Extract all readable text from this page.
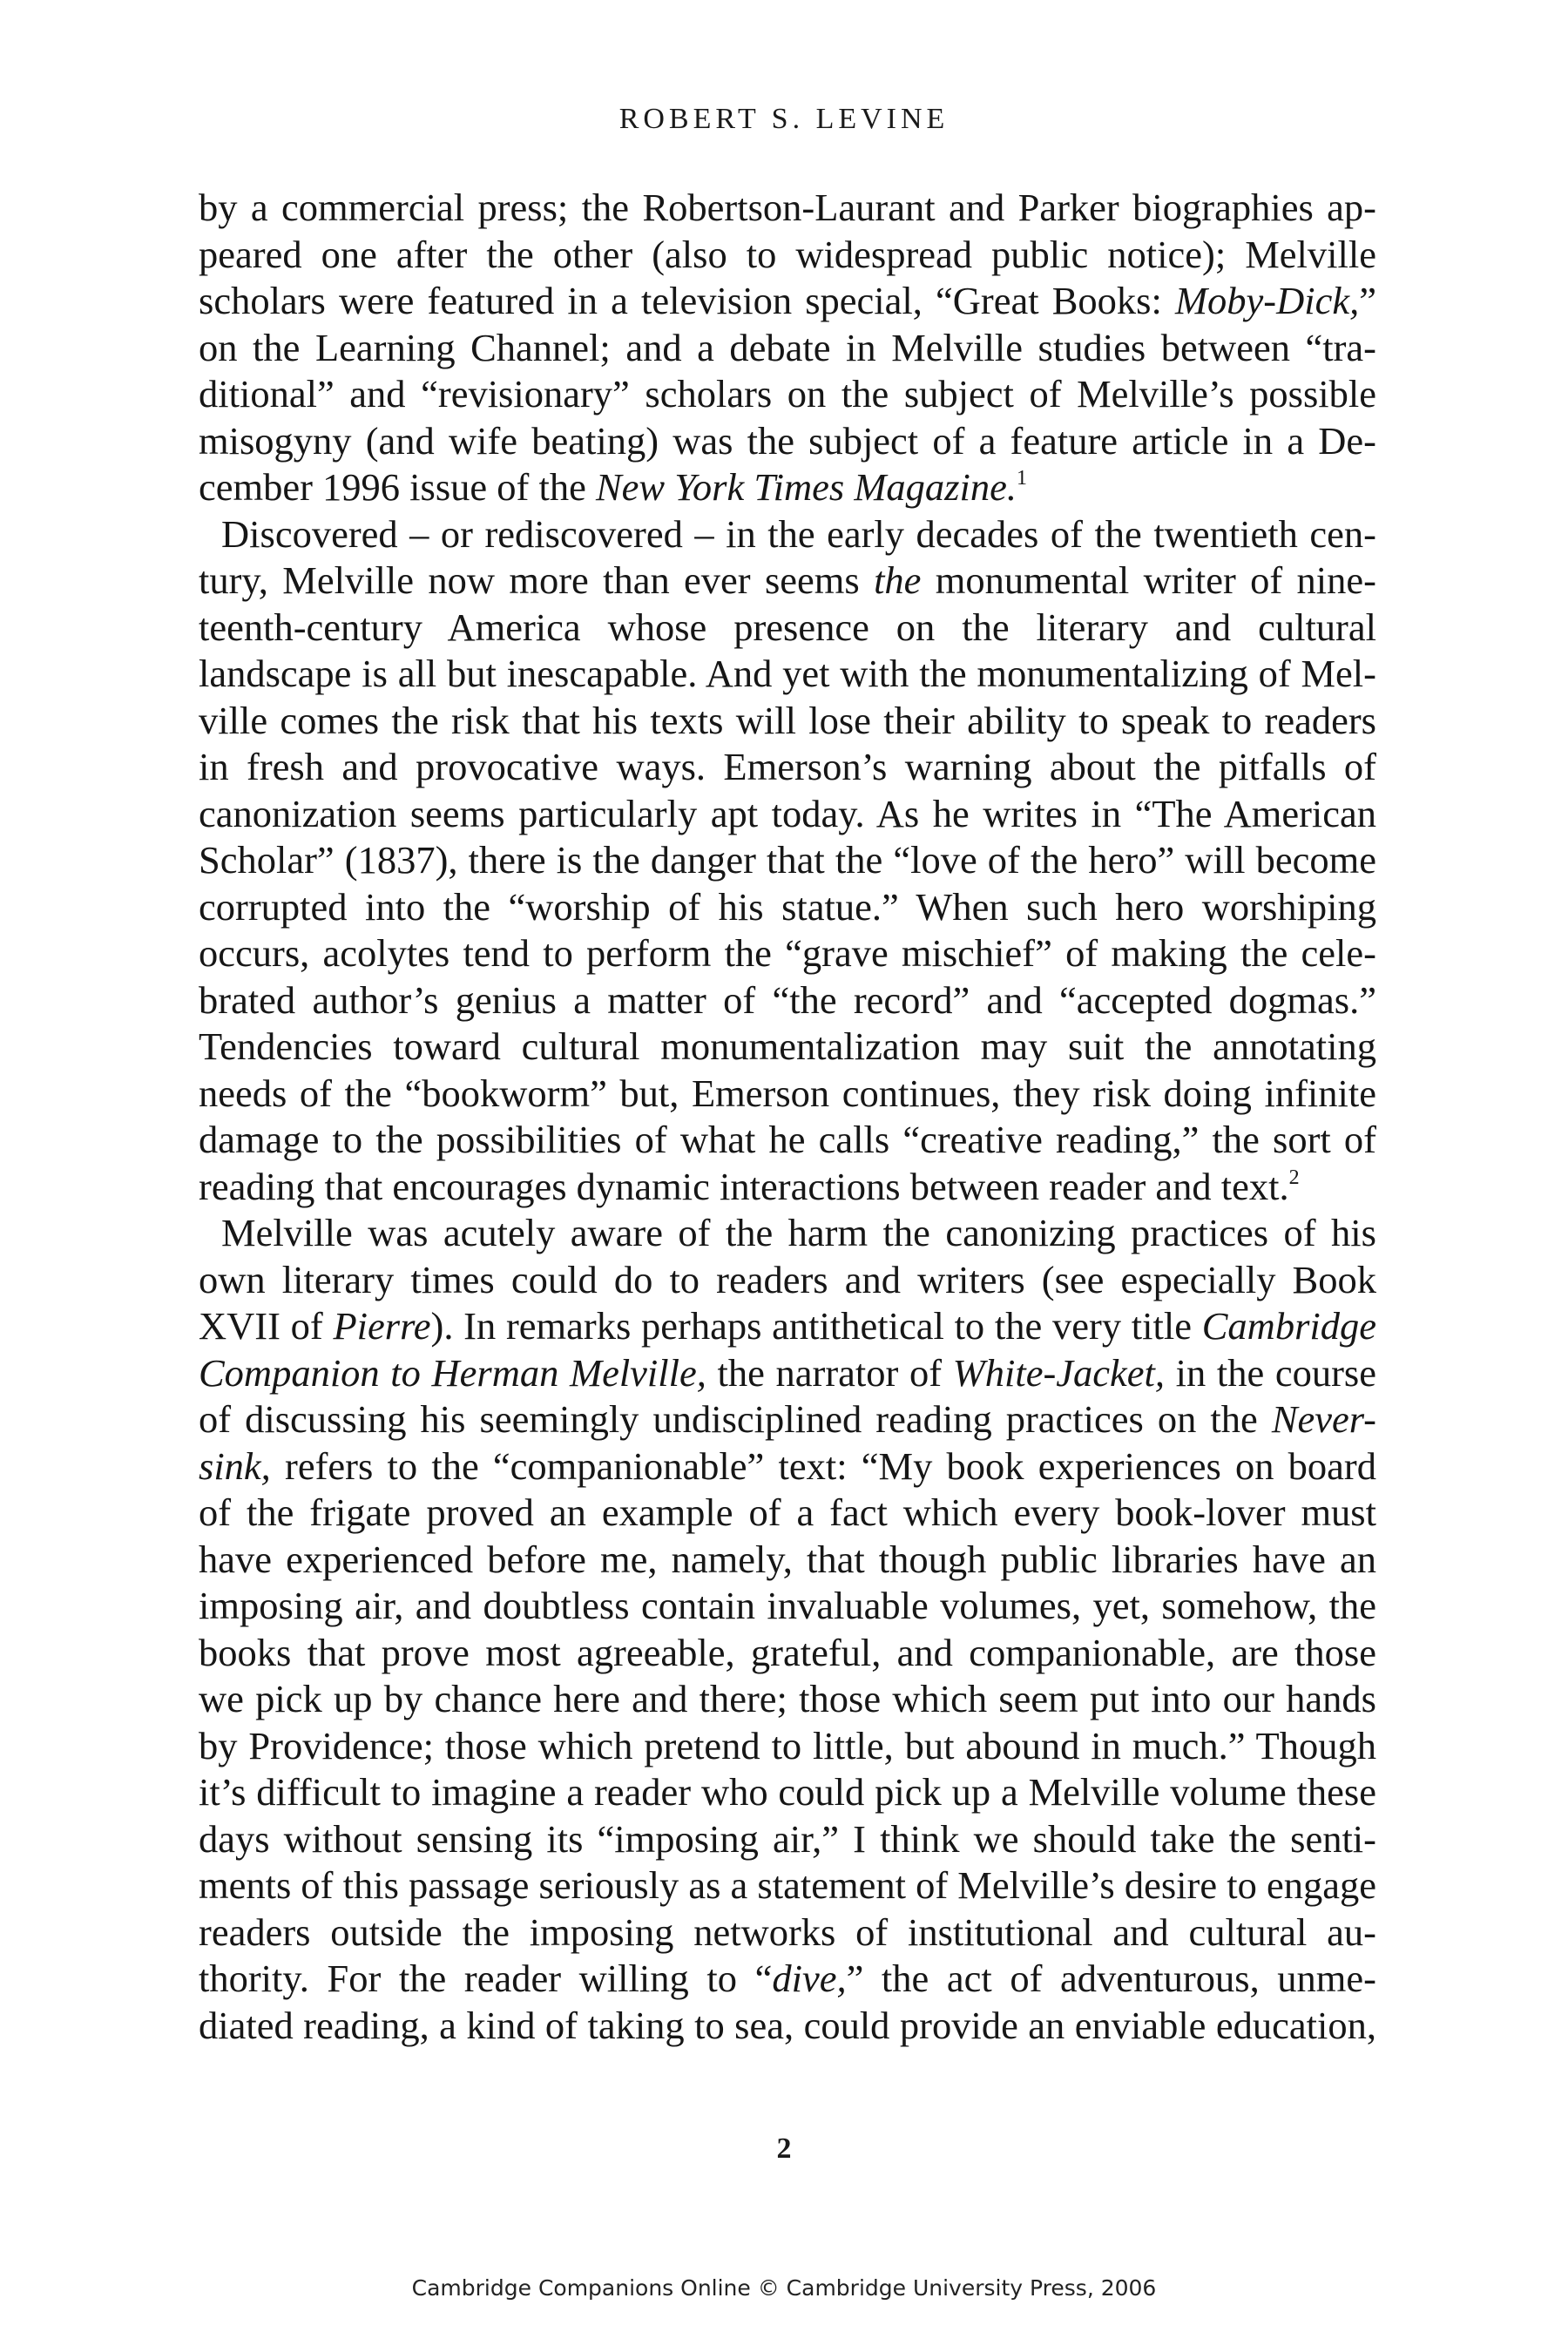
ROBERT S. LEVINE
by a commercial press; the Robertson-Laurant and Parker biographies ap-
peared one after the other (also to widespread public notice); Melville
scholars were featured in a television special, “Great Books: Moby-Dick,”
on the Learning Channel; and a debate in Melville studies between “tra-
ditional” and “revisionary” scholars on the subject of Melville’s possible
misogyny (and wife beating) was the subject of a feature article in a De-
cember 1996 issue of the New York Times Magazine.$^1$
Discovered – or rediscovered – in the early decades of the twentieth cen-
tury, Melville now more than ever seems the monumental writer of nine-
teenth-century America whose presence on the literary and cultural
landscape is all but inescapable. And yet with the monumentalizing of Mel-
ville comes the risk that his texts will lose their ability to speak to readers
in fresh and provocative ways. Emerson’s warning about the pitfalls of
canonization seems particularly apt today. As he writes in “The American
Scholar” (1837), there is the danger that the “love of the hero” will become
corrupted into the “worship of his statue.” When such hero worshiping
occurs, acolytes tend to perform the “grave mischief” of making the cele-
brated author’s genius a matter of “the record” and “accepted dogmas.”
Tendencies toward cultural monumentalization may suit the annotating
needs of the “bookworm” but, Emerson continues, they risk doing infinite
damage to the possibilities of what he calls “creative reading,” the sort of
reading that encourages dynamic interactions between reader and text.$^2$
Melville was acutely aware of the harm the canonizing practices of his
own literary times could do to readers and writers (see especially Book
XVII of Pierre). In remarks perhaps antithetical to the very title Cambridge
Companion to Herman Melville, the narrator of White-Jacket, in the course
of discussing his seemingly undisciplined reading practices on the Never-
sink, refers to the “companionable” text: “My book experiences on board
of the frigate proved an example of a fact which every book-lover must
have experienced before me, namely, that though public libraries have an
imposing air, and doubtless contain invaluable volumes, yet, somehow, the
books that prove most agreeable, grateful, and companionable, are those
we pick up by chance here and there; those which seem put into our hands
by Providence; those which pretend to little, but abound in much.” Though
it’s difficult to imagine a reader who could pick up a Melville volume these
days without sensing its “imposing air,” I think we should take the senti-
ments of this passage seriously as a statement of Melville’s desire to engage
readers outside the imposing networks of institutional and cultural au-
thority. For the reader willing to “dive,” the act of adventurous, unme-
diated reading, a kind of taking to sea, could provide an enviable education,
2
Cambridge Companions Online © Cambridge University Press, 2006
